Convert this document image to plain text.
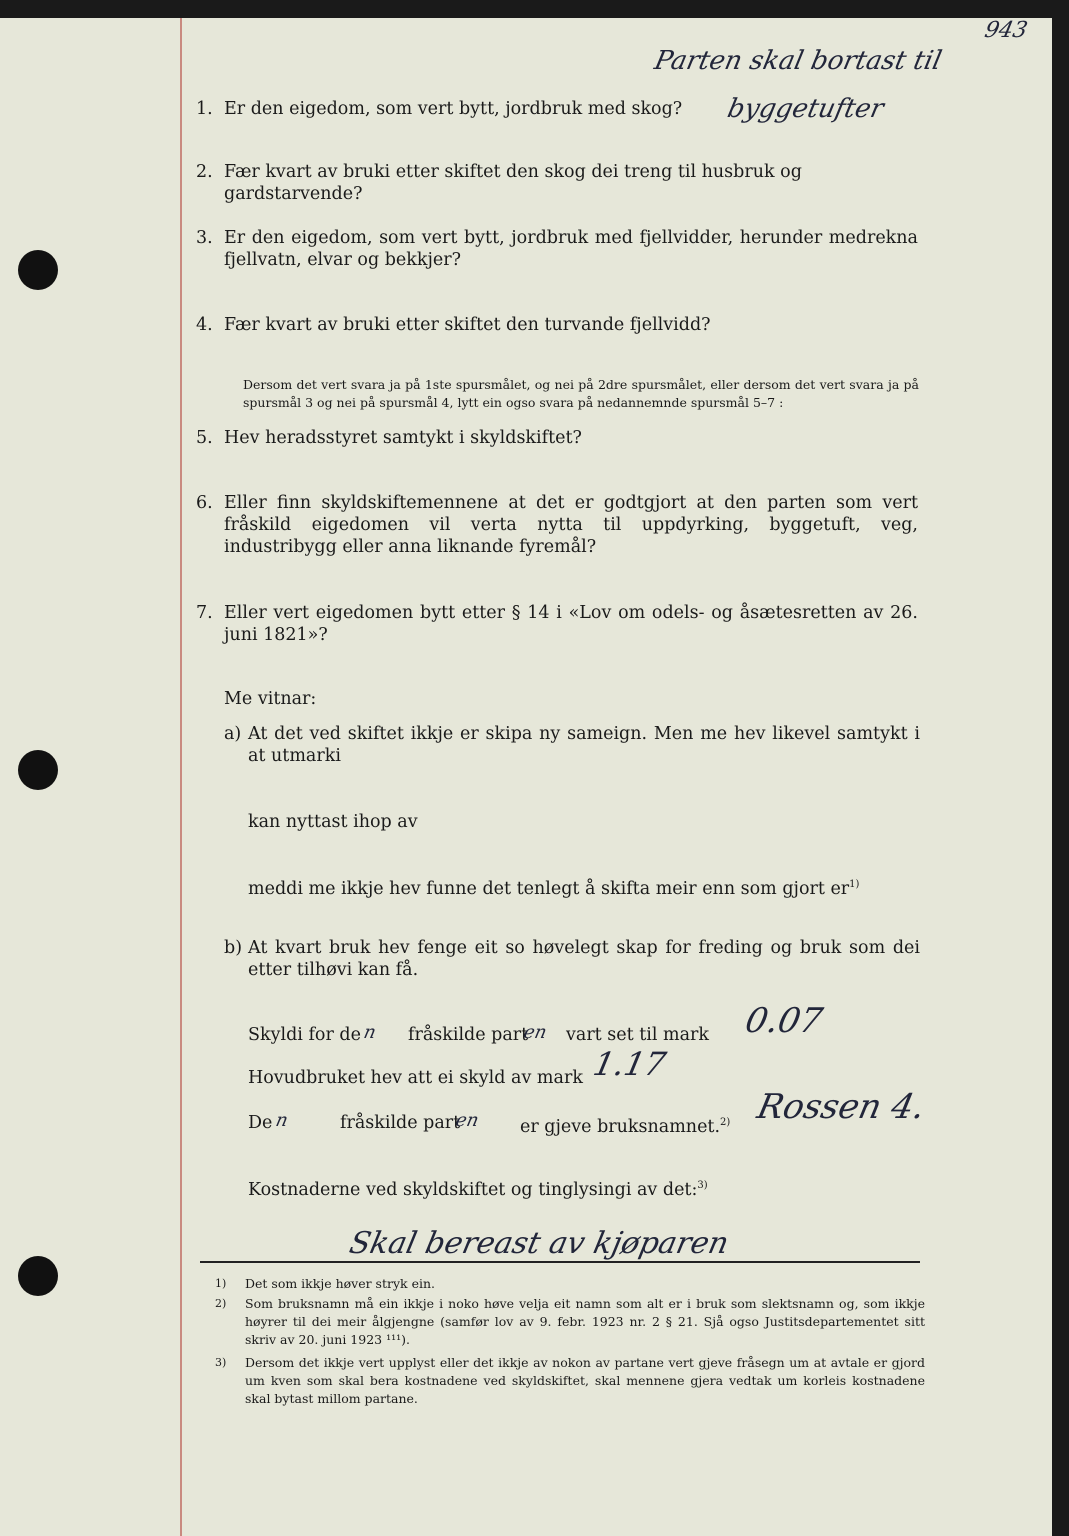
943
Parten skal bortast til
byggetufter
1. Er den eigedom, som vert bytt, jordbruk med skog?
2. Fær kvart av bruki etter skiftet den skog dei treng til husbruk og gardstarvende?
3. Er den eigedom, som vert bytt, jordbruk med fjellvidder, herunder medrekna fjellvatn, elvar og bekkjer?
4. Fær kvart av bruki etter skiftet den turvande fjellvidd?
Dersom det vert svara ja på 1ste spursmålet, og nei på 2dre spursmålet, eller dersom det vert svara ja på spursmål 3 og nei på spursmål 4, lytt ein ogso svara på nedannemnde spursmål 5–7 :
5. Hev heradsstyret samtykt i skyldskiftet?
6. Eller finn skyldskiftemennene at det er godtgjort at den parten som vert fråskild eigedomen vil verta nytta til uppdyrking, byggetuft, veg, industribygg eller anna liknande fyremål?
7. Eller vert eigedomen bytt etter § 14 i «Lov om odels- og åsætesretten av 26. juni 1821»?
Me vitnar:
a) At det ved skiftet ikkje er skipa ny sameign. Men me hev likevel samtykt i at utmarki
kan nyttast ihop av
meddi me ikkje hev funne det tenlegt å skifta meir enn som gjort $er^{1)}$
b) At kvart bruk hev fenge eit so høvelegt skap for freding og bruk som dei etter tilhøvi kan få.
Skyldi for de n fråskilde part
en vart set til mark 0.07
Hovudbruket hev att ei skyld av mark 1.17
De n	fråskilde part
en er gjeve bruksnamnet.$^{2)}$ Rossen 4.
Kostnaderne ved skyldskiftet og tinglysingi av det:$^{3)}$
Skal bereast av kjøparen
1) Det som ikkje høver stryk ein.
2) Som bruksnamn må ein ikkje i noko høve velja eit namn som alt er i bruk som slektsnamn og, som ikkje høyrer til dei meir ålgjengne (samfør lov av 9. febr. 1923 nr. 2 § 21. Sjå ogso Justitsdepartementet sitt skriv av 20. juni 1923 ¹¹¹).
3) Dersom det ikkje vert upplyst eller det ikkje av nokon av partane vert gjeve fråsegn um at avtale er gjord um kven som skal bera kostnadene ved skyldskiftet, skal mennene gjera vedtak um korleis kostnadene skal bytast millom partane.
